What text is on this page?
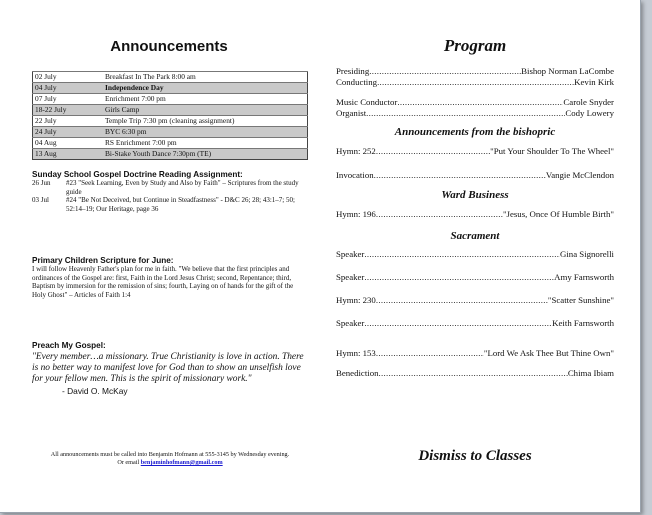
Announcements
02 July	Breakfast In The Park 8:00 am
04 July	Independence Day
07 July	Enrichment 7:00 pm
18-22 July	Girls Camp
22 July	Temple Trip 7:30 pm (cleaning assignment)
24 July	BYC 6:30 pm
04 Aug	RS Enrichment 7:00 pm
13 Aug	Bi-Stake Youth Dance 7:30pm (TE)

Sunday School Gospel Doctrine Reading Assignment:

26 Jun	#23 "Seek Learning, Even by Study and Also by Faith" – Scriptures from the study guide
03 Jul	#24 "Be Not Deceived, but Continue in Steadfastness" - D&C 26; 28; 43:1–7; 50; 52:14–19; Our Heritage, page 36

Primary Children Scripture for June:

I will follow Heavenly Father's plan for me in faith. "We believe that the first principles and ordinances of the Gospel are: first, Faith in the Lord Jesus Christ; second, Repentance; third, Baptism by immersion for the remission of sins; fourth, Laying on of hands for the gift of the Holy Ghost" – Articles of Faith 1:4

Preach My Gospel:

"Every member…a missionary. True Christianity is love in action. There is no better way to manifest love for God than to show an unselfish love for your fellow men. This is the spirit of missionary work."
- David O. McKay
All announcements must be called into Benjamin Hofmann at 555-3145 by Wednesday evening. Or email benjaminhofmann@gmail.com
Program
Presiding .....	Bishop Norman LaCombe
Conducting .....	Kevin Kirk
Music Conductor .....	Carole Snyder
Organist .....	Cody Lowery
Announcements from the bishopric
Hymn: 252 .....	"Put Your Shoulder To The Wheel"
Invocation .....	Vangie McClendon
Ward Business
Hymn: 196 .....	"Jesus, Once Of Humble Birth"
Sacrament
Speaker .....	Gina Signorelli
Speaker .....	Amy Farnsworth
Hymn: 230 .....	"Scatter Sunshine"
Speaker .....	Keith Farnsworth
Hymn: 153 .....	"Lord We Ask Thee But Thine Own"
Benediction .....	Chima Ibiam
Dismiss to Classes
